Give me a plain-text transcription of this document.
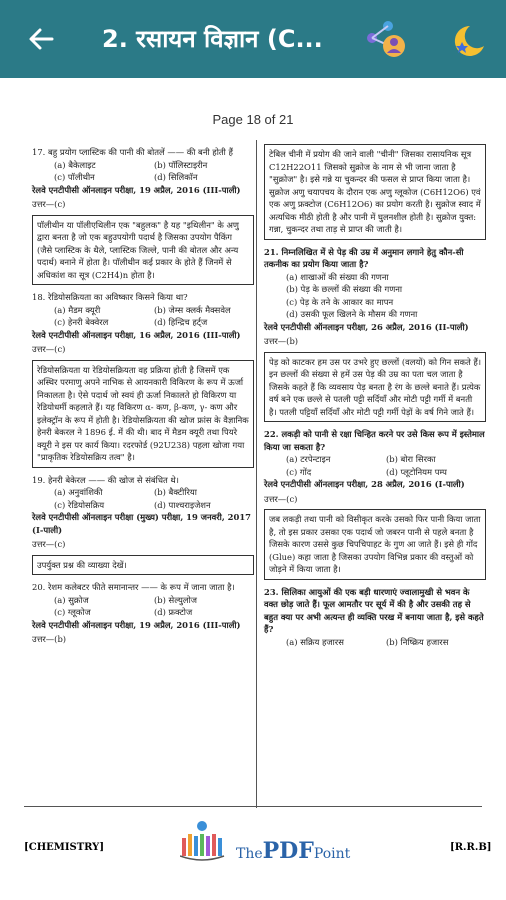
2. रसायन विज्ञान (C...
Page 18 of 21
17. बहु प्रयोग प्लास्टिक की पानी की बोतलें —— की बनी होती हैं
(a) बैकेलाइट	(b) पॉलिस्टाइरीन
(c) पॉलीथीन	(d) सिलिकॉन
रेलवे एनटीपीसी ऑनलाइन परीक्षा, 19 अप्रैल, 2016 (III-पाली)
उत्तर—(c)
पॉलीथीन या पॉलीएथिलीन एक "बहुलक" है यह "इथिलीन" के अणु द्वारा बनता है जो एक बहुउपयोगी पदार्थ है जिसका उपयोग पैकिंग (जैसे प्लास्टिक के थैले, प्लास्टिक जिल्ले, पानी की बोतल और अन्य पदार्थ) बनाने में होता है। पॉलीथीन कई प्रकार के होते हैं जिनमें से अधिकांश का सूत्र (C2H4)n होता है।
18. रेडियोसक्रियता का अविष्कार किसने किया था?
(a) मैडम क्यूरी	(b) जेम्स क्लर्क मैक्सवेल
(c) हेनरी बेक्वेरल	(d) हिन्द्रिच हर्ट्ज
रेलवे एनटीपीसी ऑनलाइन परीक्षा, 16 अप्रैल, 2016 (III-पाली)
उत्तर—(c)
रेडियोसक्रियता या रेडियोसक्रियता वह प्रक्रिया होती है जिसमें एक अस्थिर परमाणु अपने नाभिक से आयनकारी विकिरण के रूप में ऊर्जा निकालता है। ऐसे पदार्थ जो स्वयं ही ऊर्जा निकालते हो विकिरण या रेडियोधर्मी कहलाते हैं। यह विकिरण α- कण, β-कण, γ- कण और इलेक्ट्रॉन के रूप में होती है। रेडियोसक्रियता की खोज फ्रांस के वैज्ञानिक हेनरी बेकरल ने 1896 ई. में की थी। बाद में मैडम क्यूरी तथा पियरे क्यूरी ने इस पर कार्य किया। रदरफोर्ड (92U238) पहला खोजा गया "प्राकृतिक रेडियोसक्रिय तत्व" है।
19. हेनरी बेकेरल —— की खोज से संबंधित थे।
(a) अनुवांशिकी	(b) बैक्टीरिया
(c) रेडियोसक्रिय	(d) पाश्चराइजेशन
रेलवे एनटीपीसी ऑनलाइन परीक्षा (मुख्य) परीक्षा, 19 जनवरी, 2017 (I-पाली)
उत्तर—(c)
उपर्युक्त प्रश्न की व्याख्या देखें।
20. रेशम कलेबटर फीते समानान्तर —— के रूप में जाना जाता है।
(a) सुक्रोज	(b) सेल्युलोज
(c) ग्लूकोज	(d) फ्रक्टोज
रेलवे एनटीपीसी ऑनलाइन परीक्षा, 19 अप्रैल, 2016 (III-पाली)
उत्तर—(b)
टेबिल चीनी में प्रयोग की जाने वाली "चीनी" जिसका रासायनिक सूत्र C12H22O11 जिसको सुक्रोज के नाम से भी जाना जाता है "सुक्रोज" है। इसे गन्ने या चुकन्दर की फसल से प्राप्त किया जाता है। सुक्रोज अणु चयापचय के दौरान एक अणु ग्लूकोज (C6H12O6) एवं एक अणु फ्रक्टोज (C6H12O6) का प्रयोग करती है। सुक्रोज स्वाद में अत्यधिक मीठी होती है और पानी में घुलनशील होती है। सुक्रोज युक्त: गन्ना, चुकन्दर तथा ताड़ से प्राप्त की जाती है।
21. निम्नलिखित में से पेड़ की उम्र में अनुमान लगाने हेतु कौन-सी तकनीक का प्रयोग किया जाता है?
(a) शाखाओं की संख्या की गणना
(b) पेड़ के छल्लों की संख्या की गणना
(c) पेड़ के तने के आकार का मापन
(d) उसकी फूल खिलने के मौसम की गणना
रेलवे एनटीपीसी ऑनलाइन परीक्षा, 26 अप्रैल, 2016 (II-पाली)
उत्तर—(b)
पेड़ को काटकर हम उस पर उभरे हुए छल्लों (वलयों) को गिन सकते हैं। इन छल्लों की संख्या से हमें उस पेड़ की उम्र का पता चल जाता है जिसके कहते हैं कि व्यवसाय पेड़ बनता है रंग के छल्ले बनाते हैं। प्रत्येक वर्ष बने एक छल्ले से पतली पट्टी सर्दियाँ और मोटी पट्टी गर्मी में बनती है। पतली पट्टियाँ सर्दियाँ और मोटी पट्टी गर्मी पेड़ों के वर्ष गिने जाते हैं।
22. लकड़ी को पानी से रक्षा चिन्हित करने पर उसे किस रूप में इस्तेमाल किया जा सकता है?
(a) टरपेन्टाइन	(b) बोरा सिरका
(c) गोंद	(d) प्लूटोनियम पम्प
रेलवे एनटीपीसी ऑनलाइन परीक्षा, 28 अप्रैल, 2016 (I-पाली)
उत्तर—(c)
जब लकड़ी तथा पानी को विसीकृत करके उसको फिर पानी किया जाता है, तो इस प्रकार उसका एक पदार्थ जो जबरन पानी से पहले बनता है जिसके कारण उससे कुछ चिपचिपाहट के गुण आ जाते हैं। इसे ही गोंद (Glue) कहा जाता है जिसका उपयोग विभिन्न प्रकार की वस्तुओं को जोड़ने में किया जाता है।
23. सिलिका आयुओं की एक बड़ी धारणाएं ज्वालामुखी से भवन के वक्त छोड़ जाते हैं। फूल आमतौर पर सूर्य में की है और उसकी तह से बहुत क्या पर अभी अत्यन्त ही व्यक्ति परख में बनाया जाता है, इसे कहते हैं?
(a) सक्रिय हजारस	(b) निष्क्रिय हजारस
[CHEMISTRY]	ThePDFPoint	[R.R.B]
